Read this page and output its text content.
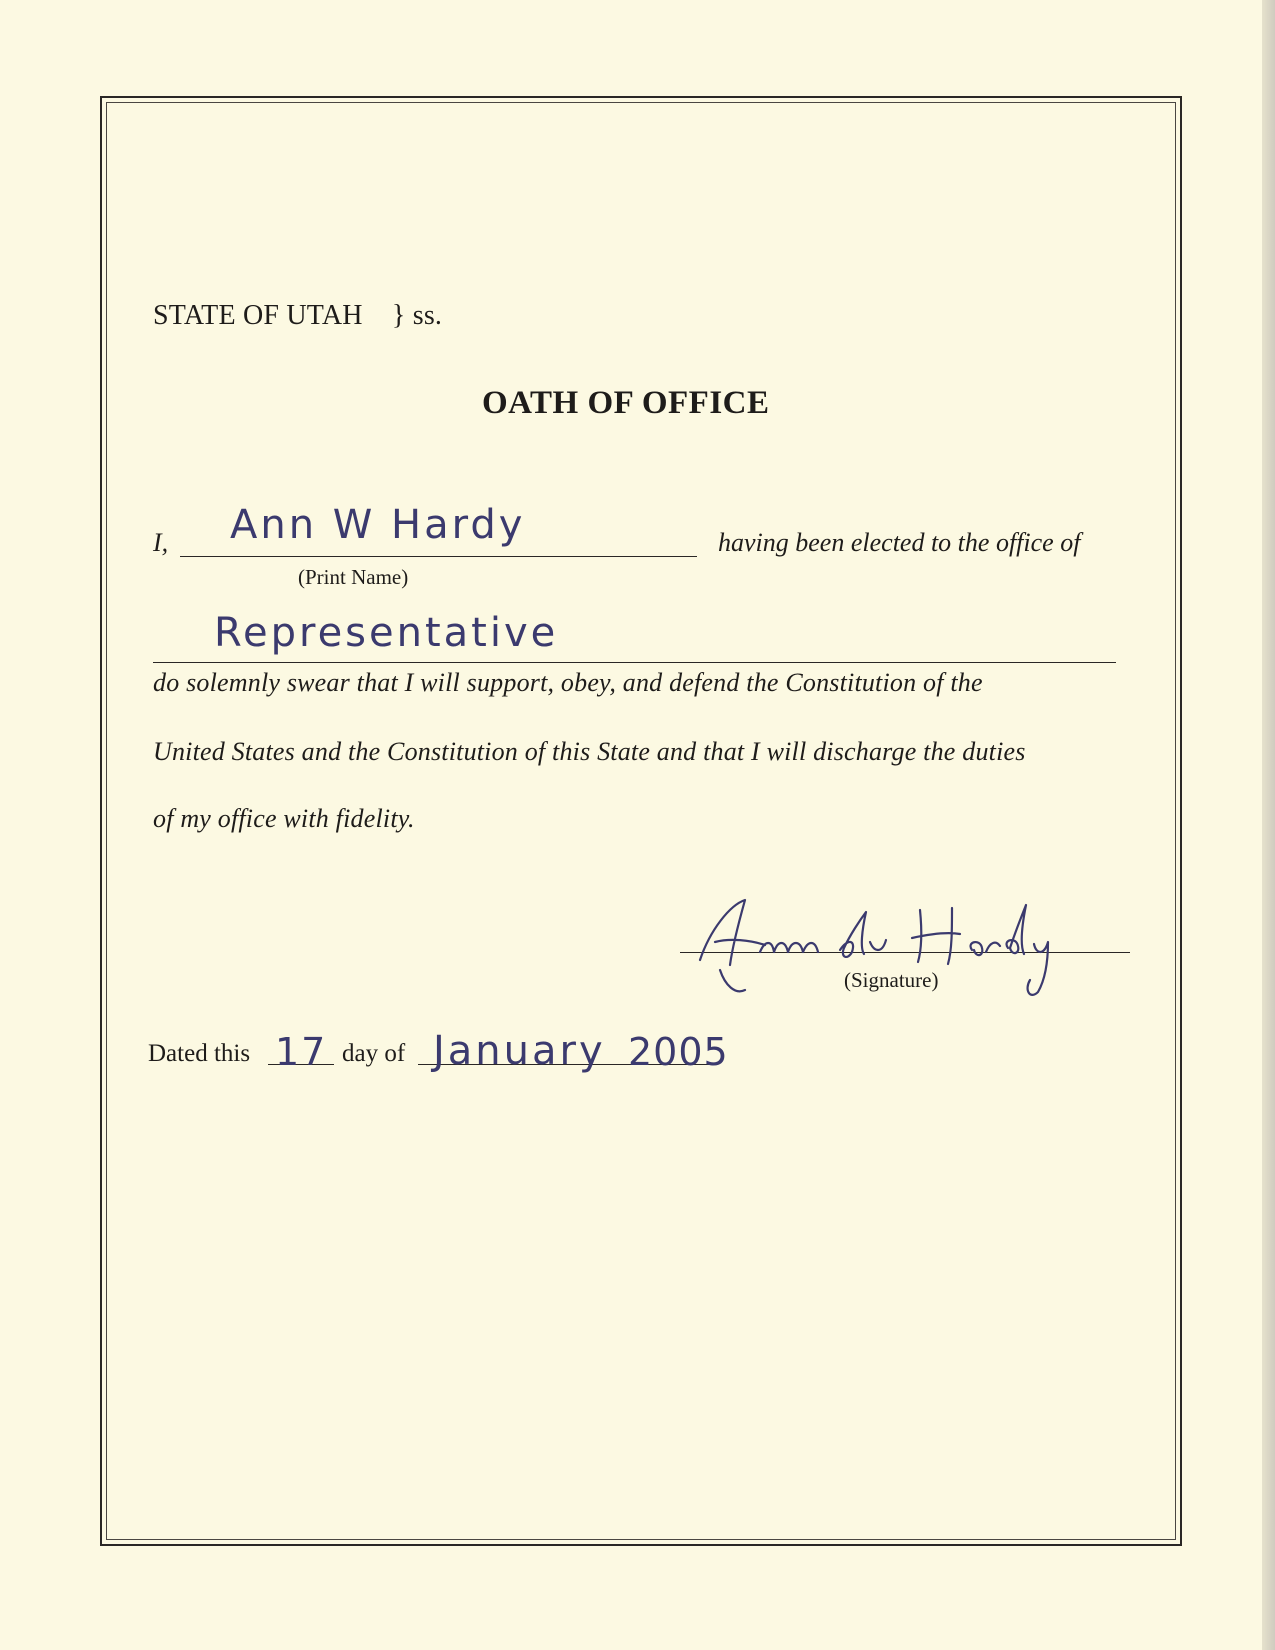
STATE OF UTAH } ss.
OATH OF OFFICE
I, Ann W Hardy	having been elected to the office of
(Print Name)
Representative
do solemnly swear that I will support, obey, and defend the Constitution of the
United States and the Constitution of this State and that I will discharge the duties
of my office with fidelity.
(Signature)
Dated this 17 day of January 2005
